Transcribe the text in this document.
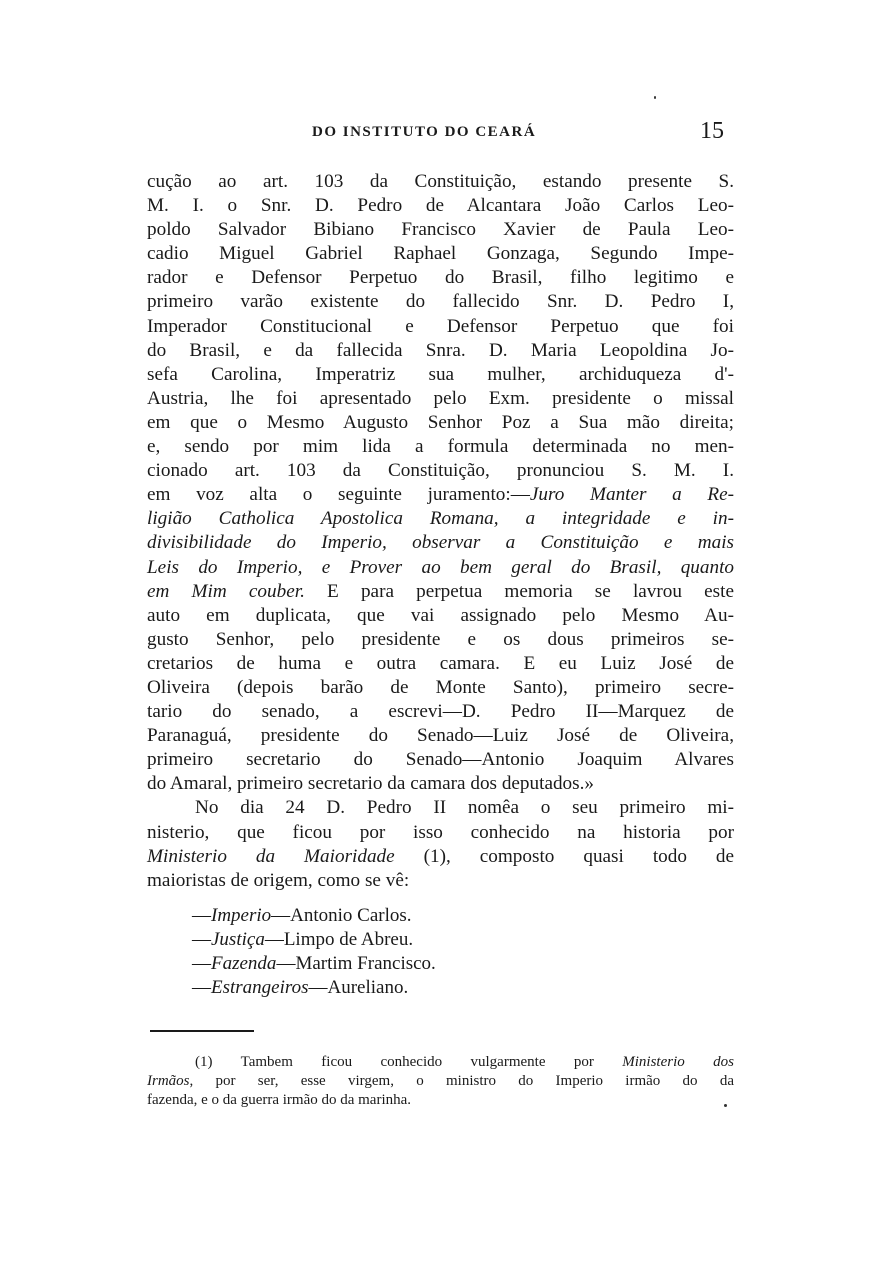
DO INSTITUTO DO CEARÁ	15
cução ao art. 103 da Constituição, estando presente S.
M. I. o Snr. D. Pedro de Alcantara João Carlos Leo-
poldo Salvador Bibiano Francisco Xavier de Paula Leo-
cadio Miguel Gabriel Raphael Gonzaga, Segundo Impe-
rador e Defensor Perpetuo do Brasil, filho legitimo e
primeiro varão existente do fallecido Snr. D. Pedro I,
Imperador Constitucional e Defensor Perpetuo que foi
do Brasil, e da fallecida Snra. D. Maria Leopoldina Jo-
sefa Carolina, Imperatriz sua mulher, archiduqueza d'-
Austria, lhe foi apresentado pelo Exm. presidente o missal
em que o Mesmo Augusto Senhor Poz a Sua mão direita;
e, sendo por mim lida a formula determinada no men-
cionado art. 103 da Constituição, pronunciou S. M. I.
em voz alta o seguinte juramento:—Juro Manter a Re-
ligião Catholica Apostolica Romana, a integridade e in-
divisibilidade do Imperio, observar a Constituição e mais
Leis do Imperio, e Prover ao bem geral do Brasil, quanto
em Mim couber. E para perpetua memoria se lavrou este
auto em duplicata, que vai assignado pelo Mesmo Au-
gusto Senhor, pelo presidente e os dous primeiros se-
cretarios de huma e outra camara. E eu Luiz José de
Oliveira (depois barão de Monte Santo), primeiro secre-
tario do senado, a escrevi—D. Pedro II—Marquez de
Paranaguá, presidente do Senado—Luiz José de Oliveira,
primeiro secretario do Senado—Antonio Joaquim Alvares
do Amaral, primeiro secretario da camara dos deputados.»
No dia 24 D. Pedro II nomêa o seu primeiro mi-
nisterio, que ficou por isso conhecido na historia por
Ministerio da Maioridade (1), composto quasi todo de
maioristas de origem, como se vê:
—Imperio—Antonio Carlos.
—Justiça—Limpo de Abreu.
—Fazenda—Martim Francisco.
—Estrangeiros—Aureliano.
(1) Tambem ficou conhecido vulgarmente por Ministerio dos
Irmãos, por ser, esse virgem, o ministro do Imperio irmão do da
fazenda, e o da guerra irmão do da marinha.
